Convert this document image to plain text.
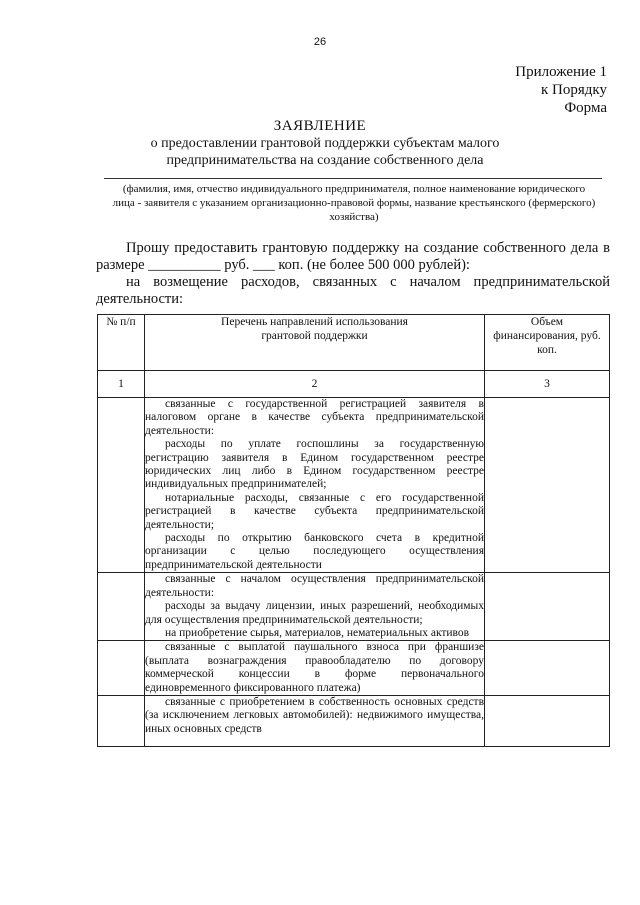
26
Приложение 1
к Порядку
Форма
ЗАЯВЛЕНИЕ
о предоставлении грантовой поддержки субъектам малого предпринимательства на создание собственного дела
(фамилия, имя, отчество индивидуального предпринимателя, полное наименование юридического лица - заявителя с указанием организационно-правовой формы, название крестьянского (фермерского) хозяйства)

Прошу предоставить грантовую поддержку на создание собственного дела в размере __________ руб. ___ коп. (не более 500 000 рублей):

на возмещение расходов, связанных с началом предпринимательской деятельности:

№ п/п	Перечень направлений использования грантовой поддержки	Объем финансирования, руб. коп.

1	2	3

	связанные с государственной регистрацией заявителя в налоговом органе в качестве субъекта предпринимательской деятельности:

расходы по уплате госпошлины за государственную регистрацию заявителя в Едином государственном реестре юридических лиц либо в Едином государственном реестре индивидуальных предпринимателей;

нотариальные расходы, связанные с его государственной регистрацией в качестве субъекта предпринимательской деятельности;

расходы по открытию банковского счета в кредитной организации с целью последующего осуществления предпринимательской деятельности	

	связанные с началом осуществления предпринимательской деятельности:

расходы за выдачу лицензии, иных разрешений, необходимых для осуществления предпринимательской деятельности;

на приобретение сырья, материалов, нематериальных активов	

	связанные с выплатой паушального взноса при франшизе (выплата вознаграждения правообладателю по договору коммерческой концессии в форме первоначального единовременного фиксированного платежа)	

	связанные с приобретением в собственность основных средств (за исключением легковых автомобилей): недвижимого имущества, иных основных средств	
